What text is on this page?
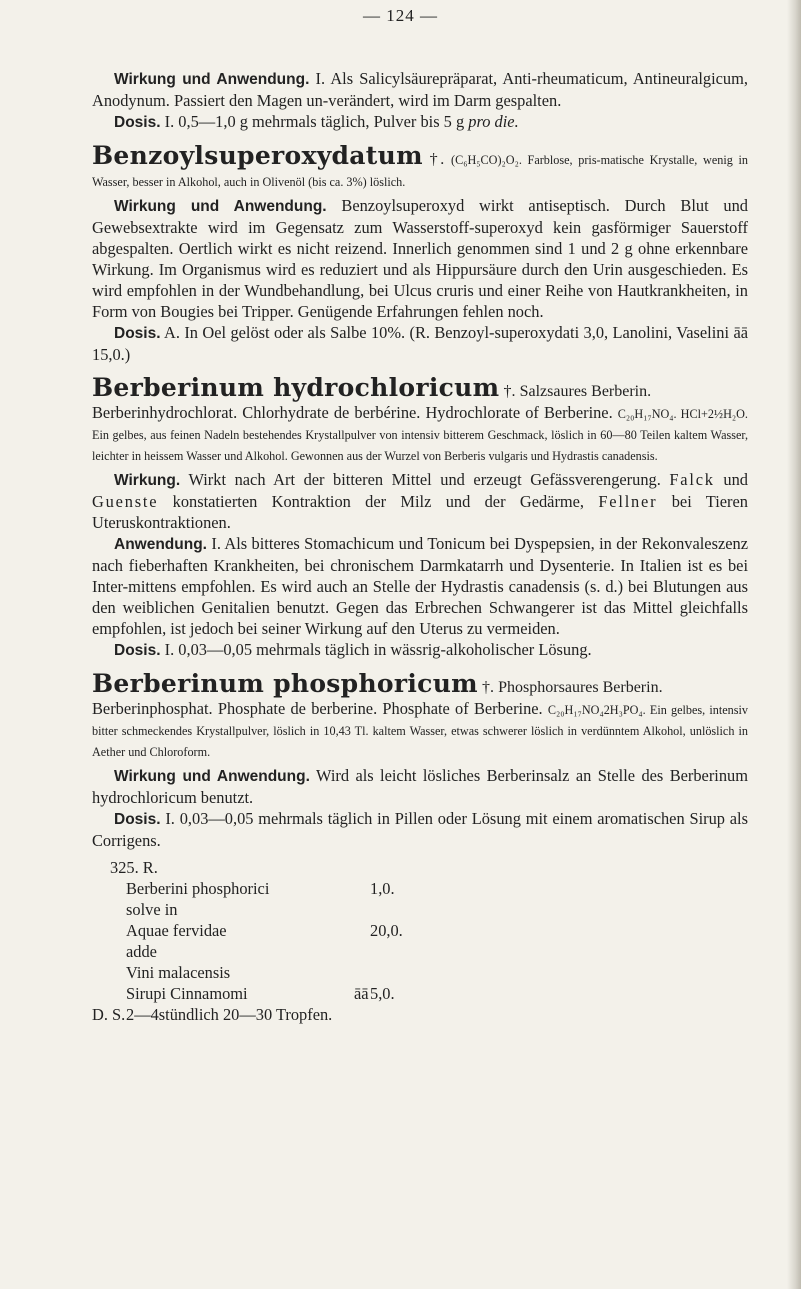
— 124 —

Wirkung und Anwendung. I. Als Salicylsäurepräparat, Anti-rheumaticum, Antineuralgicum, Anodynum. Passiert den Magen un-verändert, wird im Darm gespalten.

Dosis. I. 0,5—1,0 g mehrmals täglich, Pulver bis 5 g pro die.

Benzoylsuperoxydatum †. (C₆H₅CO)₂O₂. Farblose, pris-matische Krystalle, wenig in Wasser, besser in Alkohol, auch in Olivenöl (bis ca. 3%) löslich.

Wirkung und Anwendung. Benzoylsuperoxyd wirkt antiseptisch. Durch Blut und Gewebsextrakte wird im Gegensatz zum Wasserstoff-superoxyd kein gasförmiger Sauerstoff abgespalten. Oertlich wirkt es nicht reizend. Innerlich genommen sind 1 und 2 g ohne erkennbare Wirkung. Im Organismus wird es reduziert und als Hippursäure durch den Urin ausgeschieden. Es wird empfohlen in der Wundbehandlung, bei Ulcus cruris und einer Reihe von Hautkrankheiten, in Form von Bougies bei Tripper. Genügende Erfahrungen fehlen noch.

Dosis. A. In Oel gelöst oder als Salbe 10%. (R. Benzoyl-superoxydati 3,0, Lanolini, Vaselini āā 15,0.)

Berberinum hydrochloricum †. Salzsaures Berberin.

Berberinhydrochlorat. Chlorhydrate de berbérine. Hydrochlorate of Berberine. C₂₀H₁₇NO₄. HCl+2½H₂O. Ein gelbes, aus feinen Nadeln bestehendes Krystallpulver von intensiv bitterem Geschmack, löslich in 60—80 Teilen kaltem Wasser, leichter in heissem Wasser und Alkohol. Gewonnen aus der Wurzel von Berberis vulgaris und Hydrastis canadensis.

Wirkung. Wirkt nach Art der bitteren Mittel und erzeugt Gefässverengerung. Falck und Guenste konstatierten Kontraktion der Milz und der Gedärme, Fellner bei Tieren Uteruskontraktionen.

Anwendung. I. Als bitteres Stomachicum und Tonicum bei Dyspepsien, in der Rekonvaleszenz nach fieberhaften Krankheiten, bei chronischem Darmkatarrh und Dysenterie. In Italien ist es bei Inter-mittens empfohlen. Es wird auch an Stelle der Hydrastis canadensis (s. d.) bei Blutungen aus den weiblichen Genitalien benutzt. Gegen das Erbrechen Schwangerer ist das Mittel gleichfalls empfohlen, ist jedoch bei seiner Wirkung auf den Uterus zu vermeiden.

Dosis. I. 0,03—0,05 mehrmals täglich in wässrig-alkoholischer Lösung.

Berberinum phosphoricum †. Phosphorsaures Berberin.

Berberinphosphat. Phosphate de berberine. Phosphate of Berberine. C₂₀H₁₇NO₄2H₃PO₄. Ein gelbes, intensiv bitter schmeckendes Krystallpulver, löslich in 10,43 Tl. kaltem Wasser, etwas schwerer löslich in verdünntem Alkohol, unlöslich in Aether und Chloroform.

Wirkung und Anwendung. Wird als leicht lösliches Berberinsalz an Stelle des Berberinum hydrochloricum benutzt.

Dosis. I. 0,03—0,05 mehrmals täglich in Pillen oder Lösung mit einem aromatischen Sirup als Corrigens.

325. R.
Berberini phosphorici	1,0.
solve in
Aquae fervidae	20,0.
adde
Vini malacensis
Sirupi Cinnamomi	āā 5,0.
D. S. 2—4stündlich 20—30 Tropfen.
